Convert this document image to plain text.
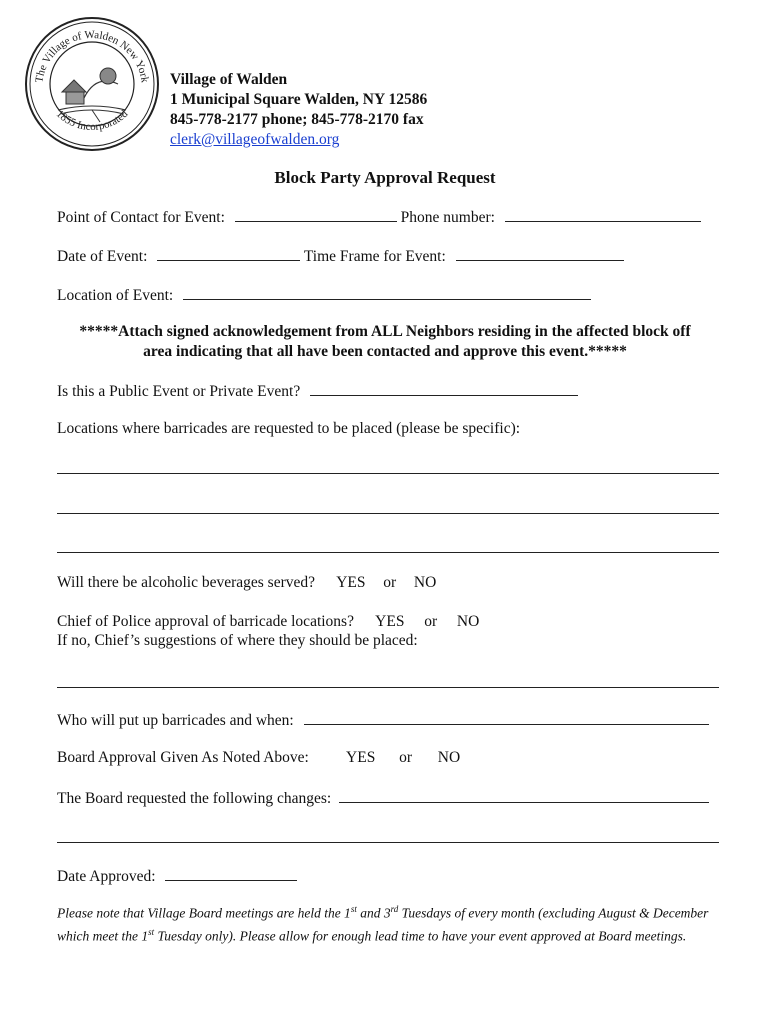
The Village of Walden New York
1855 Incorporated
Village of Walden
1 Municipal Square Walden, NY 12586
845-778-2177 phone; 845-778-2170 fax
clerk@villageofwalden.org
Block Party Approval Request
Point of Contact for Event:	Phone number:
Date of Event:	Time Frame for Event:
Location of Event:
*****Attach signed acknowledgement from ALL Neighbors residing in the affected block off
area indicating that all have been contacted and approve this event.*****
Is this a Public Event or Private Event?
Locations where barricades are requested to be placed (please be specific):
Will there be alcoholic beverages served? YES or NO
Chief of Police approval of barricade locations? YES or NO
If no, Chief’s suggestions of where they should be placed:
Who will put up barricades and when:
Board Approval Given As Noted Above: YES or NO
The Board requested the following changes:
Date Approved:
Please note that Village Board meetings are held the 1st and 3rd Tuesdays of every month (excluding August & December which meet the 1st Tuesday only). Please allow for enough lead time to have your event approved at Board meetings.
